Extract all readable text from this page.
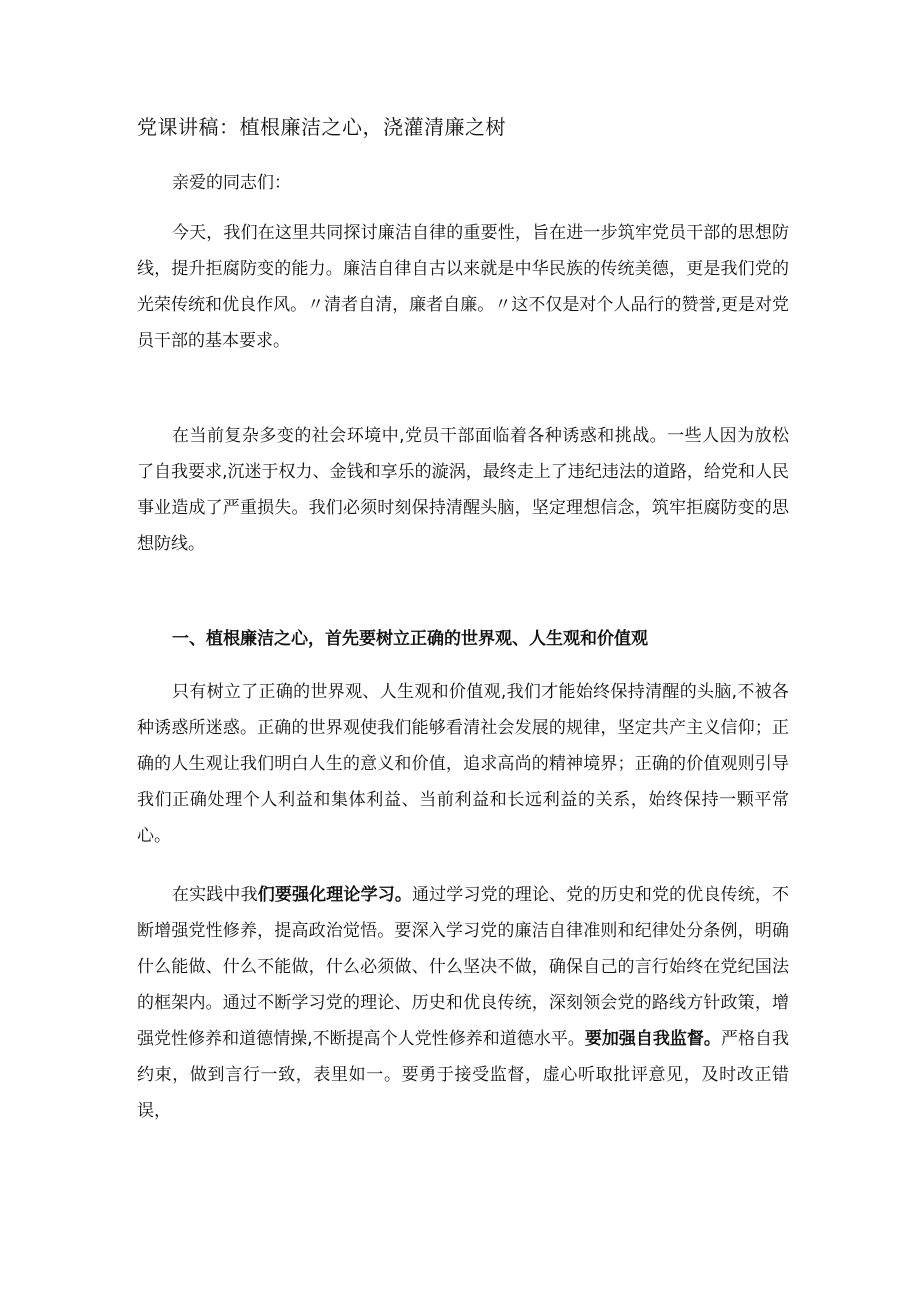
党课讲稿：植根廉洁之心，浇灌清廉之树
亲爱的同志们：
今天，我们在这里共同探讨廉洁自律的重要性，旨在进一步筑牢党员干部的思想防线，提升拒腐防变的能力。廉洁自律自古以来就是中华民族的传统美德，更是我们党的光荣传统和优良作风。〃清者自清，廉者自廉。〃这不仅是对个人品行的赞誉,更是对党员干部的基本要求。
在当前复杂多变的社会环境中,党员干部面临着各种诱惑和挑战。一些人因为放松了自我要求,沉迷于权力、金钱和享乐的漩涡，最终走上了违纪违法的道路，给党和人民事业造成了严重损失。我们必须时刻保持清醒头脑，坚定理想信念，筑牢拒腐防变的思想防线。
一、植根廉洁之心，首先要树立正确的世界观、人生观和价值观
只有树立了正确的世界观、人生观和价值观,我们才能始终保持清醒的头脑,不被各种诱惑所迷惑。正确的世界观使我们能够看清社会发展的规律，坚定共产主义信仰；正确的人生观让我们明白人生的意义和价值，追求高尚的精神境界；正确的价值观则引导我们正确处理个人利益和集体利益、当前利益和长远利益的关系，始终保持一颗平常心。
在实践中我们要强化理论学习。通过学习党的理论、党的历史和党的优良传统，不断增强党性修养，提高政治觉悟。要深入学习党的廉洁自律准则和纪律处分条例，明确什么能做、什么不能做，什么必须做、什么坚决不做，确保自己的言行始终在党纪国法的框架内。通过不断学习党的理论、历史和优良传统，深刻领会党的路线方针政策，增强党性修养和道德情操,不断提高个人党性修养和道德水平。要加强自我监督。严格自我约束，做到言行一致，表里如一。要勇于接受监督，虚心听取批评意见，及时改正错误，
